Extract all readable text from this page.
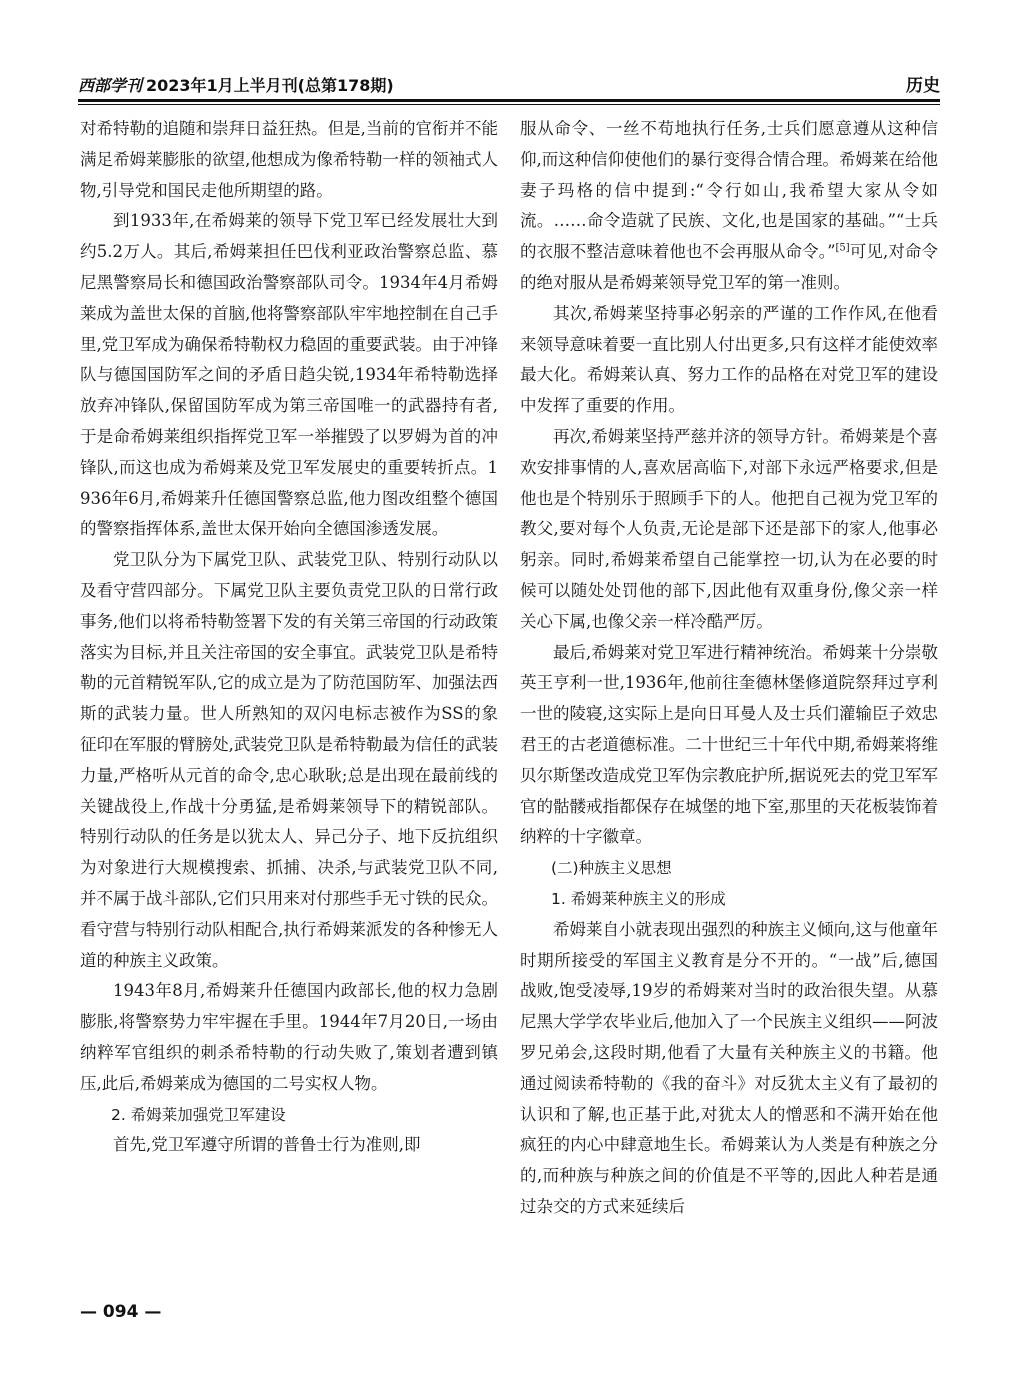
西部学刊 2023年1月上半月刊(总第178期)	历史

对希特勒的追随和崇拜日益狂热。但是,当前的官衔并不能满足希姆莱膨胀的欲望,他想成为像希特勒一样的领袖式人物,引导党和国民走他所期望的路。

到1933年,在希姆莱的领导下党卫军已经发展壮大到约5.2万人。其后,希姆莱担任巴伐利亚政治警察总监、慕尼黑警察局长和德国政治警察部队司令。1934年4月希姆莱成为盖世太保的首脑,他将警察部队牢牢地控制在自己手里,党卫军成为确保希特勒权力稳固的重要武装。由于冲锋队与德国国防军之间的矛盾日趋尖锐,1934年希特勒选择放弃冲锋队,保留国防军成为第三帝国唯一的武器持有者,于是命希姆莱组织指挥党卫军一举摧毁了以罗姆为首的冲锋队,而这也成为希姆莱及党卫军发展史的重要转折点。1936年6月,希姆莱升任德国警察总监,他力图改组整个德国的警察指挥体系,盖世太保开始向全德国渗透发展。

党卫队分为下属党卫队、武装党卫队、特别行动队以及看守营四部分。下属党卫队主要负责党卫队的日常行政事务,他们以将希特勒签署下发的有关第三帝国的行动政策落实为目标,并且关注帝国的安全事宜。武装党卫队是希特勒的元首精锐军队,它的成立是为了防范国防军、加强法西斯的武装力量。世人所熟知的双闪电标志被作为SS的象征印在军服的臂膀处,武装党卫队是希特勒最为信任的武装力量,严格听从元首的命令,忠心耿耿;总是出现在最前线的关键战役上,作战十分勇猛,是希姆莱领导下的精锐部队。特别行动队的任务是以犹太人、异己分子、地下反抗组织为对象进行大规模搜索、抓捕、决杀,与武装党卫队不同,并不属于战斗部队,它们只用来对付那些手无寸铁的民众。看守营与特别行动队相配合,执行希姆莱派发的各种惨无人道的种族主义政策。

1943年8月,希姆莱升任德国内政部长,他的权力急剧膨胀,将警察势力牢牢握在手里。1944年7月20日,一场由纳粹军官组织的刺杀希特勒的行动失败了,策划者遭到镇压,此后,希姆莱成为德国的二号实权人物。

2. 希姆莱加强党卫军建设

首先,党卫军遵守所谓的普鲁士行为准则,即

服从命令、一丝不苟地执行任务,士兵们愿意遵从这种信仰,而这种信仰使他们的暴行变得合情合理。希姆莱在给他妻子玛格的信中提到:“令行如山,我希望大家从令如流。……命令造就了民族、文化,也是国家的基础。”“士兵的衣服不整洁意味着他也不会再服从命令。”[5]可见,对命令的绝对服从是希姆莱领导党卫军的第一准则。

其次,希姆莱坚持事必躬亲的严谨的工作作风,在他看来领导意味着要一直比别人付出更多,只有这样才能使效率最大化。希姆莱认真、努力工作的品格在对党卫军的建设中发挥了重要的作用。

再次,希姆莱坚持严慈并济的领导方针。希姆莱是个喜欢安排事情的人,喜欢居高临下,对部下永远严格要求,但是他也是个特别乐于照顾手下的人。他把自己视为党卫军的教父,要对每个人负责,无论是部下还是部下的家人,他事必躬亲。同时,希姆莱希望自己能掌控一切,认为在必要的时候可以随处处罚他的部下,因此他有双重身份,像父亲一样关心下属,也像父亲一样冷酷严厉。

最后,希姆莱对党卫军进行精神统治。希姆莱十分崇敬英王亨利一世,1936年,他前往奎德林堡修道院祭拜过亨利一世的陵寝,这实际上是向日耳曼人及士兵们灌输臣子效忠君王的古老道德标准。二十世纪三十年代中期,希姆莱将维贝尔斯堡改造成党卫军伪宗教庇护所,据说死去的党卫军军官的骷髅戒指都保存在城堡的地下室,那里的天花板装饰着纳粹的十字徽章。

(二)种族主义思想

1. 希姆莱种族主义的形成

希姆莱自小就表现出强烈的种族主义倾向,这与他童年时期所接受的军国主义教育是分不开的。“一战”后,德国战败,饱受凌辱,19岁的希姆莱对当时的政治很失望。从慕尼黑大学学农毕业后,他加入了一个民族主义组织——阿波罗兄弟会,这段时期,他看了大量有关种族主义的书籍。他通过阅读希特勒的《我的奋斗》对反犹太主义有了最初的认识和了解,也正基于此,对犹太人的憎恶和不满开始在他疯狂的内心中肆意地生长。希姆莱认为人类是有种族之分的,而种族与种族之间的价值是不平等的,因此人种若是通过杂交的方式来延续后

— 094 —
